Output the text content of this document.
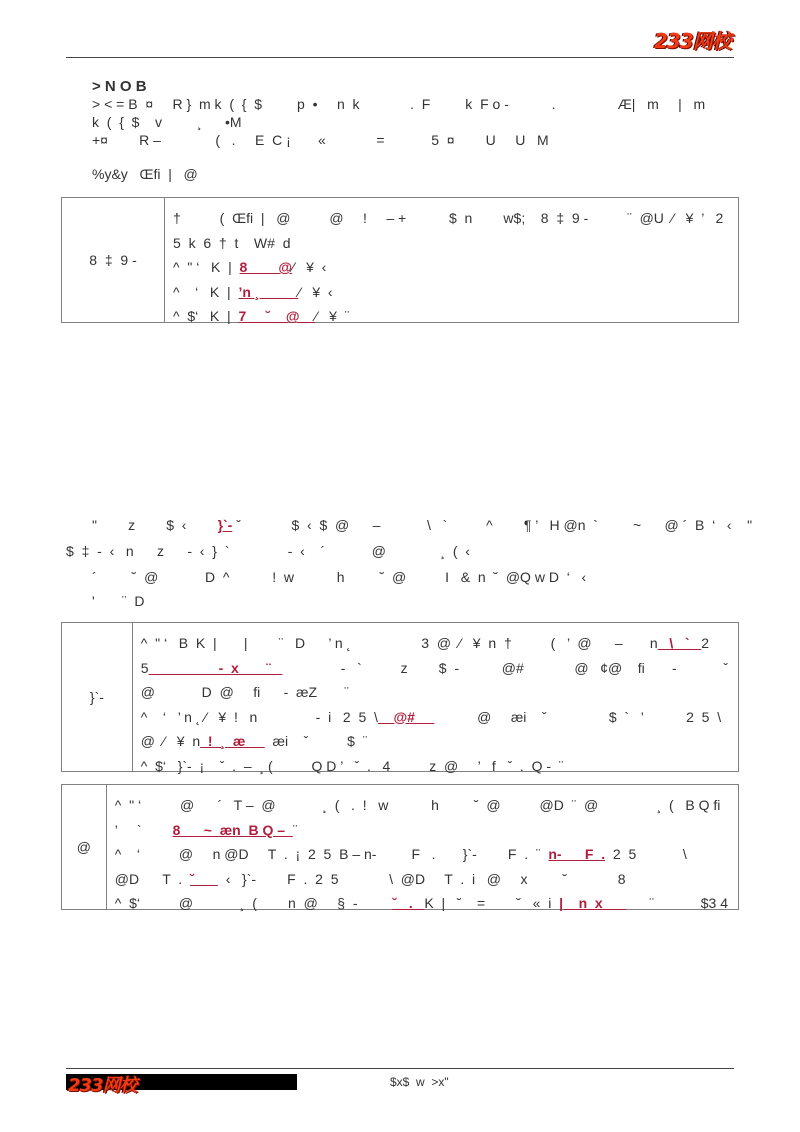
233网校
> N O B
> < = B  ¤     R }  m k  (  {  $         p  •     n  k             .  F         k  F o -           .                Æ|   m     |   m
k  (  {  $    v         ¸      •M
+¤        R –              (   .     E  C ¡       «             =            5  ¤        U     U   M
%y&y   Œfi  |   @
8  ‡  9 -
†          (  Œfi  |   @          @     !     – +           $  n        w$;    8  ‡  9 -          ¨  @U  ⁄   ¥  ’   2
5  k  6  †  t    W#  d
^  " ‘   K  |  8        @⁄   ¥  ‹
^    ‘   K  |  ’n ¸          ⁄   ¥  ‹
^  $‘   K  |  7     ˘    @    ⁄   ¥  ¨
"        z        $  ‹        }`- ˇ             $  ‹  $  @      –            \   `          ^        ¶ ’   H @n  `         ~      @ ´  B  ‘   ‹    "
$  ‡  -  ‹   n      z      -  ‹  }  `               -  ‹    ´            @              ¸  (  ‹
´         ˘  @            D  ^           !  w           h         ˘  @          I   &  n  ˘  @Q w D  ‘   ‹
'       ¨  D
}`-
^  " ‘   B  K  |       |        ¨   D      ’ n ˛                  3  @  ⁄   ¥  n  †          (   ’  @      –       n   \   `   2
5                  -  x       ¨                  -   `          z        $  -           @#             @   ¢@    fi       -            ˇ
@            D  @     fi      -  æZ       ¨
^    ‘   ’ n ˛ ⁄   ¥  !   n               -  i   2  5  \    @#                @     æi    ˇ                $  `   ’           2  5  \
@  ⁄   ¥  n  !  ¸  æ       æi    ˇ          $  ¨
^  $‘   }`-  ¡    ˇ  .  –  ¸ (          Q D ’   ˇ  .   4          z  @     ’   f   ˇ  .  Q -  ¨
@
^  " ‘          @      ´   T –  @            ¸  (   .  !   w           h         ˘  @          @D  ¨  @               ¸  (   B Q fi
’     `        8      ~  æn  B Q –  ¨
^    ‘          @     n @D     T  .  ¡  2  5  B – n-         F   .       }`-        F  .  ¨  n-      F  .  2  5            \
@D      T  .  ˘        ‹   }`-        F  .  2  5             \  @D     T  .  i   @     x         ˘             8
^  $‘          @            ¸  (        n  @     §  -         ˘   .   K  |   ˘    =        ˘   «  i  |    n  x            ¨            $3 4
233网校	$x$  w  >x"
